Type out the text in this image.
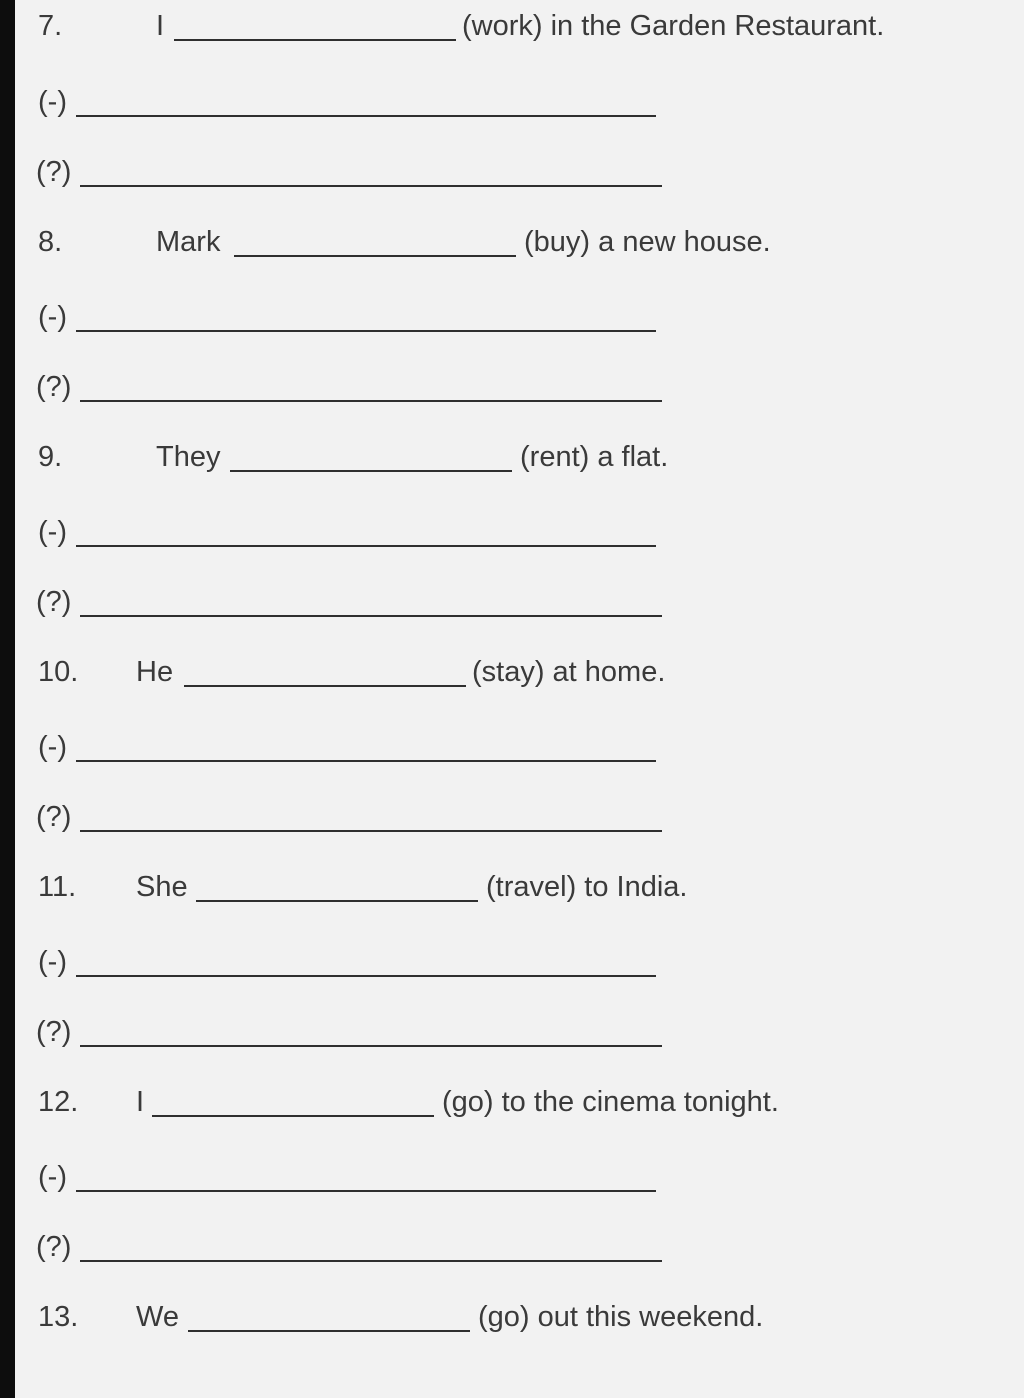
7.	I	(work) in the Garden Restaurant.
(-)
(?)
8.	Mark	(buy) a new house.
(-)
(?)
9.	They	(rent) a flat.
(-)
(?)
10. He	(stay) at home.
(-)
(?)
11. She	(travel) to India.
(-)
(?)
12. I	(go) to the cinema tonight.
(-)
(?)
13. We	(go) out this weekend.
